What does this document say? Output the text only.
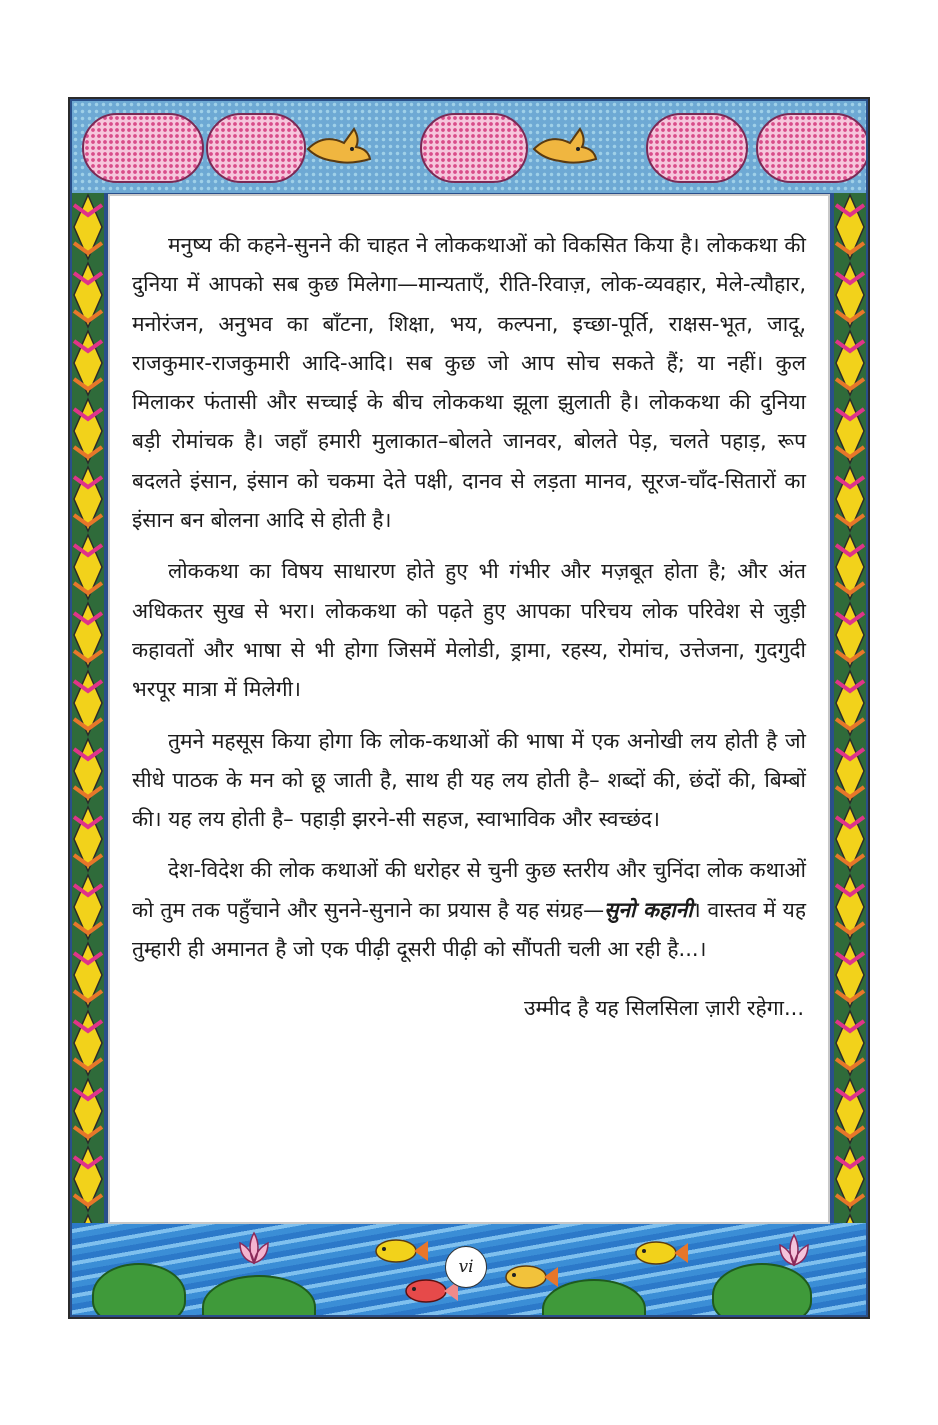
मनुष्य की कहने-सुनने की चाहत ने लोककथाओं को विकसित किया है। लोककथा की दुनिया में आपको सब कुछ मिलेगा—मान्यताएँ, रीति-रिवाज़, लोक-व्यवहार, मेले-त्यौहार, मनोरंजन, अनुभव का बाँटना, शिक्षा, भय, कल्पना, इच्छा-पूर्ति, राक्षस-भूत, जादू, राजकुमार-राजकुमारी आदि-आदि। सब कुछ जो आप सोच सकते हैं; या नहीं। कुल मिलाकर फंतासी और सच्चाई के बीच लोककथा झूला झुलाती है। लोककथा की दुनिया बड़ी रोमांचक है। जहाँ हमारी मुलाकात–बोलते जानवर, बोलते पेड़, चलते पहाड़, रूप बदलते इंसान, इंसान को चकमा देते पक्षी, दानव से लड़ता मानव, सूरज-चाँद-सितारों का इंसान बन बोलना आदि से होती है।

लोककथा का विषय साधारण होते हुए भी गंभीर और मज़बूत होता है; और अंत अधिकतर सुख से भरा। लोककथा को पढ़ते हुए आपका परिचय लोक परिवेश से जुड़ी कहावतों और भाषा से भी होगा जिसमें मेलोडी, ड्रामा, रहस्य, रोमांच, उत्तेजना, गुदगुदी भरपूर मात्रा में मिलेगी।

तुमने महसूस किया होगा कि लोक-कथाओं की भाषा में एक अनोखी लय होती है जो सीधे पाठक के मन को छू जाती है, साथ ही यह लय होती है– शब्दों की, छंदों की, बिम्बों की। यह लय होती है– पहाड़ी झरने-सी सहज, स्वाभाविक और स्वच्छंद।

देश-विदेश की लोक कथाओं की धरोहर से चुनी कुछ स्तरीय और चुनिंदा लोक कथाओं को तुम तक पहुँचाने और सुनने-सुनाने का प्रयास है यह संग्रह—सुनो कहानी। वास्तव में यह तुम्हारी ही अमानत है जो एक पीढ़ी दूसरी पीढ़ी को सौंपती चली आ रही है...।

उम्मीद है यह सिलसिला ज़ारी रहेगा...
vi
